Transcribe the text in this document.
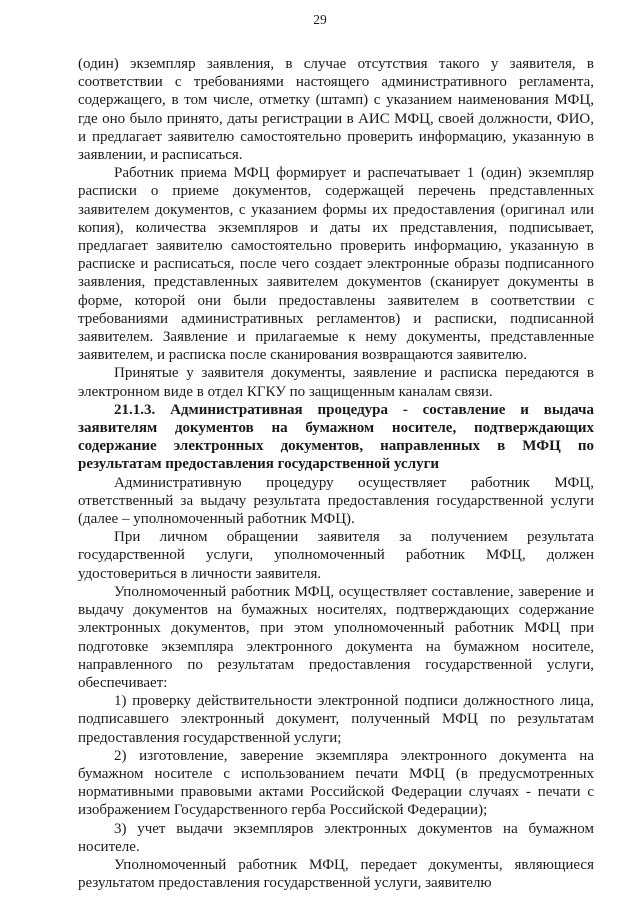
29

(один) экземпляр заявления, в случае отсутствия такого у заявителя, в соответствии с требованиями настоящего административного регламента, содержащего, в том числе, отметку (штамп) с указанием наименования МФЦ, где оно было принято, даты регистрации в АИС МФЦ, своей должности, ФИО, и предлагает заявителю самостоятельно проверить информацию, указанную в заявлении, и расписаться.

Работник приема МФЦ формирует и распечатывает 1 (один) экземпляр расписки о приеме документов, содержащей перечень представленных заявителем документов, с указанием формы их предоставления (оригинал или копия), количества экземпляров и даты их представления, подписывает, предлагает заявителю самостоятельно проверить информацию, указанную в расписке и расписаться, после чего создает электронные образы подписанного заявления, представленных заявителем документов (сканирует документы в форме, которой они были предоставлены заявителем в соответствии с требованиями административных регламентов) и расписки, подписанной заявителем. Заявление и прилагаемые к нему документы, представленные заявителем, и расписка после сканирования возвращаются заявителю.

Принятые у заявителя документы, заявление и расписка передаются в электронном виде в отдел КГКУ по защищенным каналам связи.

21.1.3. Административная процедура - составление и выдача заявителям документов на бумажном носителе, подтверждающих содержание электронных документов, направленных в МФЦ по результатам предоставления государственной услуги

Административную процедуру осуществляет работник МФЦ, ответственный за выдачу результата предоставления государственной услуги (далее – уполномоченный работник МФЦ).

При личном обращении заявителя за получением результата государственной услуги, уполномоченный работник МФЦ, должен удостовериться в личности заявителя.

Уполномоченный работник МФЦ, осуществляет составление, заверение и выдачу документов на бумажных носителях, подтверждающих содержание электронных документов, при этом уполномоченный работник МФЦ при подготовке экземпляра электронного документа на бумажном носителе, направленного по результатам предоставления государственной услуги, обеспечивает:

1) проверку действительности электронной подписи должностного лица, подписавшего электронный документ, полученный МФЦ по результатам предоставления государственной услуги;

2) изготовление, заверение экземпляра электронного документа на бумажном носителе с использованием печати МФЦ (в предусмотренных нормативными правовыми актами Российской Федерации случаях - печати с изображением Государственного герба Российской Федерации);

3) учет выдачи экземпляров электронных документов на бумажном носителе.

Уполномоченный работник МФЦ, передает документы, являющиеся результатом предоставления государственной услуги, заявителю
